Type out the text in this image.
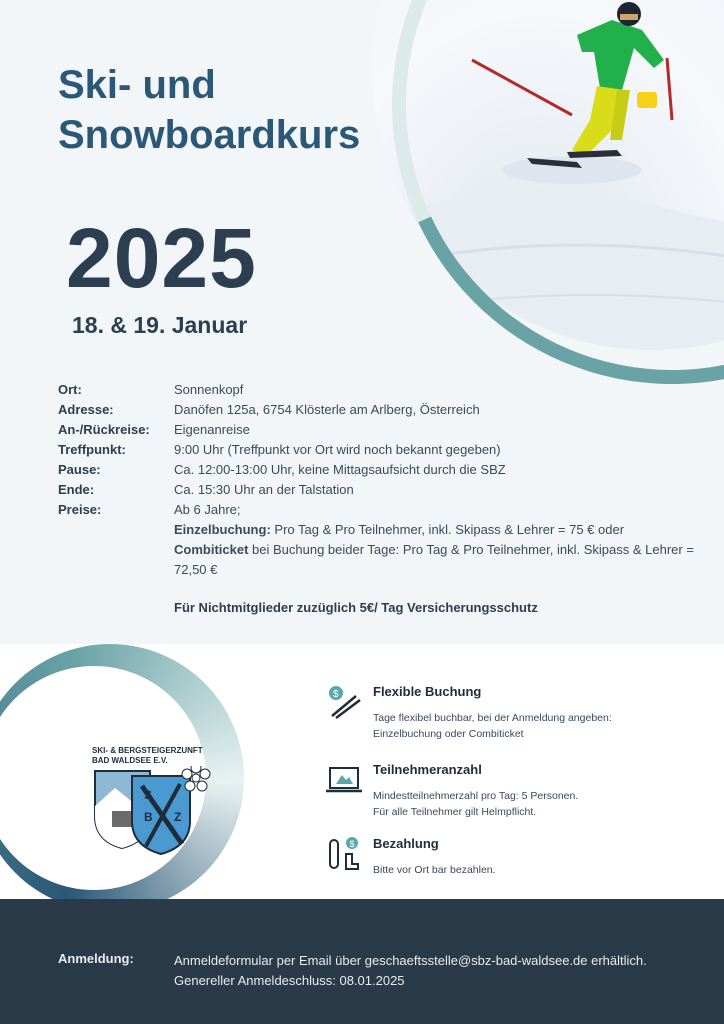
Ski- und
Snowboardkurs
2025
18. & 19. Januar
Ort:	Sonnenkopf
Adresse:	Danöfen 125a, 6754 Klösterle am Arlberg, Österreich
An-/Rückreise:	Eigenanreise
Treffpunkt:	9:00 Uhr (Treffpunkt vor Ort wird noch bekannt gegeben)
Pause:	Ca. 12:00-13:00 Uhr, keine Mittagsaufsicht durch die SBZ
Ende:	Ca. 15:30 Uhr an der Talstation
Preise:	Ab 6 Jahre;
Einzelbuchung: Pro Tag & Pro Teilnehmer, inkl. Skipass & Lehrer = 75 € oder
Combiticket bei Buchung beider Tage: Pro Tag & Pro Teilnehmer, inkl. Skipass & Lehrer = 72,50 €
Für Nichtmitglieder zuzüglich 5€/ Tag Versicherungsschutz
SKI- & BERGSTEIGERZUNFT
BAD WALDSEE E.V.
S
B Z
$	Flexible Buchung
Tage flexibel buchbar, bei der Anmeldung angeben:
Einzelbuchung oder Combiticket
Teilnehmeranzahl
Mindestteilnehmerzahl pro Tag: 5 Personen.
Für alle Teilnehmer gilt Helmpflicht.
$ Bezahlung
Bitte vor Ort bar bezahlen.
Anmeldung:	Anmeldeformular per Email über geschaeftsstelle@sbz-bad-waldsee.de erhältlich.
Genereller Anmeldeschluss: 08.01.2025
